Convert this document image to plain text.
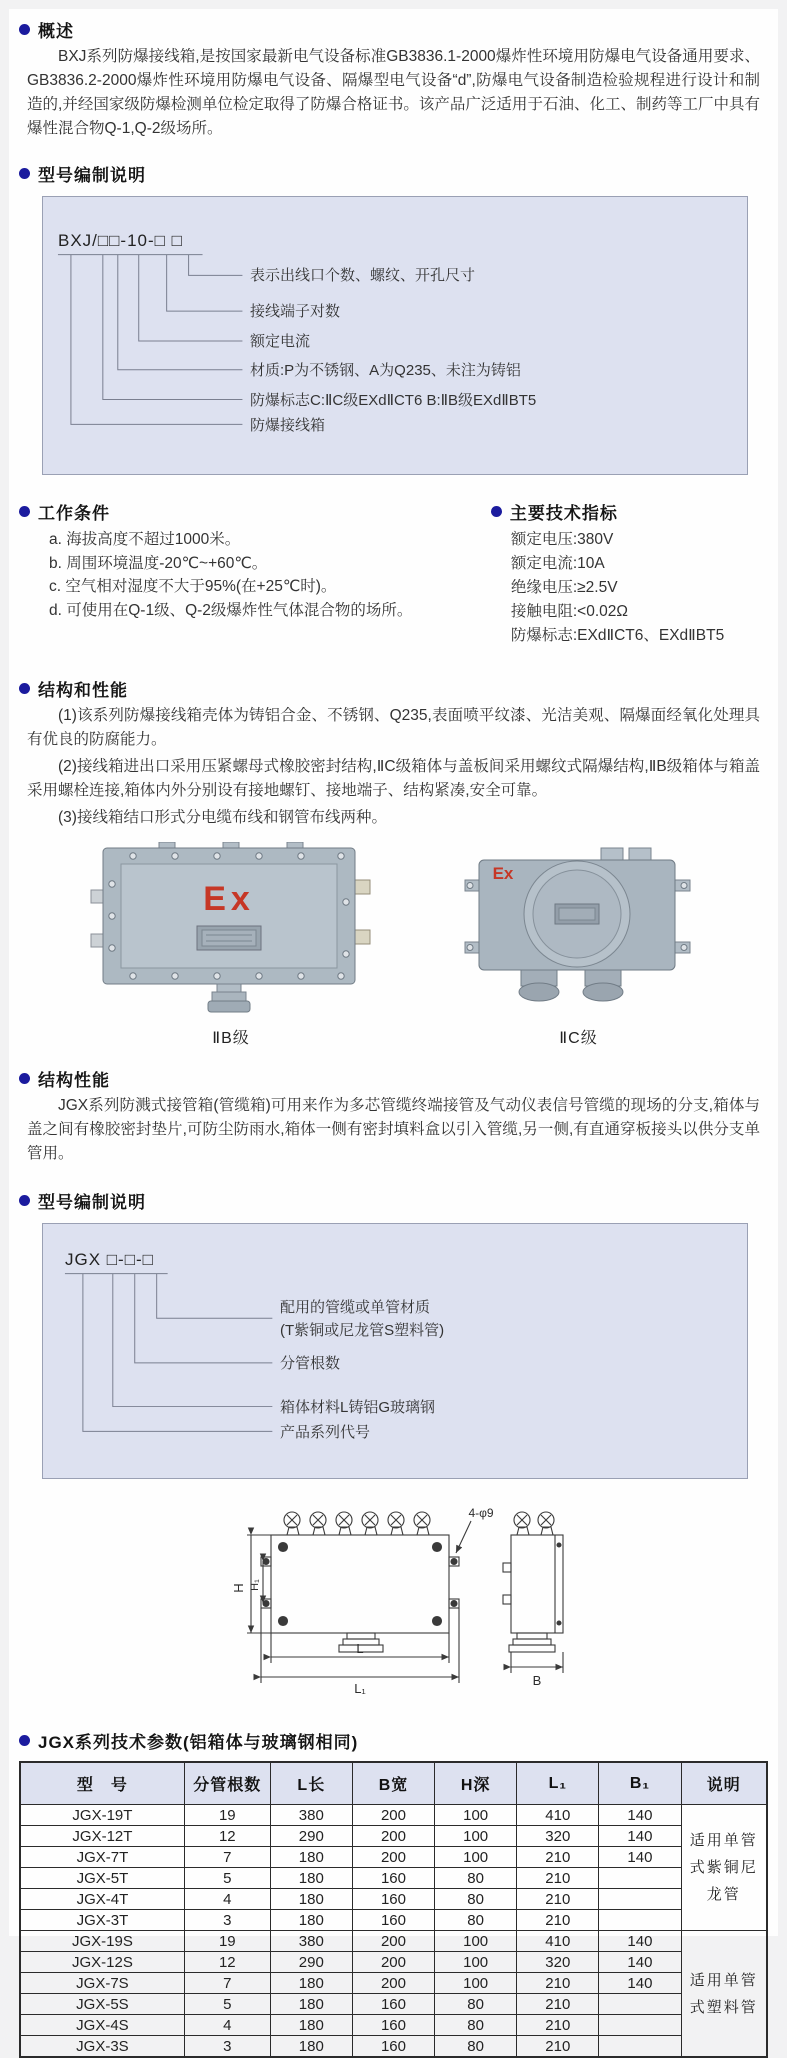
概述

BXJ系列防爆接线箱,是按国家最新电气设备标准GB3836.1-2000爆炸性环境用防爆电气设备通用要求、GB3836.2-2000爆炸性环境用防爆电气设备、隔爆型电气设备“d”,防爆电气设备制造检验规程进行设计和制造的,并经国家级防爆检测单位检定取得了防爆合格证书。该产品广泛适用于石油、化工、制药等工厂中具有爆性混合物Q-1,Q-2级场所。

型号编制说明
BXJ/□□-10-□ □
表示出线口个数、螺纹、开孔尺寸
接线端子对数
额定电流
材质:P为不锈钢、A为Q235、未注为铸铝
防爆标志C:ⅡC级EXdⅡCT6 B:ⅡB级EXdⅡBT5
防爆接线箱
工作条件
a. 海拔高度不超过1000米。
b. 周围环境温度-20℃~+60℃。
c. 空气相对湿度不大于95%(在+25℃时)。
d. 可使用在Q-1级、Q-2级爆炸性气体混合物的场所。
主要技术指标
额定电压:380V
额定电流:10A
绝缘电压:≥2.5V
接触电阻:<0.02Ω
防爆标志:EXdⅡCT6、EXdⅡBT5
结构和性能

(1)该系列防爆接线箱壳体为铸铝合金、不锈钢、Q235,表面喷平纹漆、光洁美观、隔爆面经氧化处理具有优良的防腐能力。

(2)接线箱进出口采用压紧螺母式橡胶密封结构,ⅡC级箱体与盖板间采用螺纹式隔爆结构,ⅡB级箱体与箱盖采用螺栓连接,箱体内外分别设有接地螺钉、接地端子、结构紧凑,安全可靠。

(3)接线箱结口形式分电缆布线和钢管布线两种。

Ex
ⅡB级
Ex
ⅡC级
结构性能

JGX系列防溅式接管箱(管缆箱)可用来作为多芯管缆终端接管及气动仪表信号管缆的现场的分支,箱体与盖之间有橡胶密封垫片,可防尘防雨水,箱体一侧有密封填料盒以引入管缆,另一侧,有直通穿板接头以供分支单管用。

型号编制说明
JGX □-□-□
配用的管缆或单管材质
(T紫铜或尼龙管S塑料管)
分管根数
箱体材料L铸铝G玻璃钢
产品系列代号
H H₁
L
L₁
B
4-φ9
JGX系列技术参数(铝箱体与玻璃钢相同)
型　号	分管根数	L长	B宽	H深	L₁	B₁	说明
JGX-19T	19	380	200	100	410	140	适用单管式紫铜尼龙管
JGX-12T	12	290	200	100	320	140	
JGX-7T	7	180	200	100	210	140	
JGX-5T	5	180	160	80	210		
JGX-4T	4	180	160	80	210		
JGX-3T	3	180	160	80	210		
JGX-19S	19	380	200	100	410	140	适用单管式塑料管
JGX-12S	12	290	200	100	320	140	
JGX-7S	7	180	200	100	210	140	
JGX-5S	5	180	160	80	210		
JGX-4S	4	180	160	80	210		
JGX-3S	3	180	160	80	210		
